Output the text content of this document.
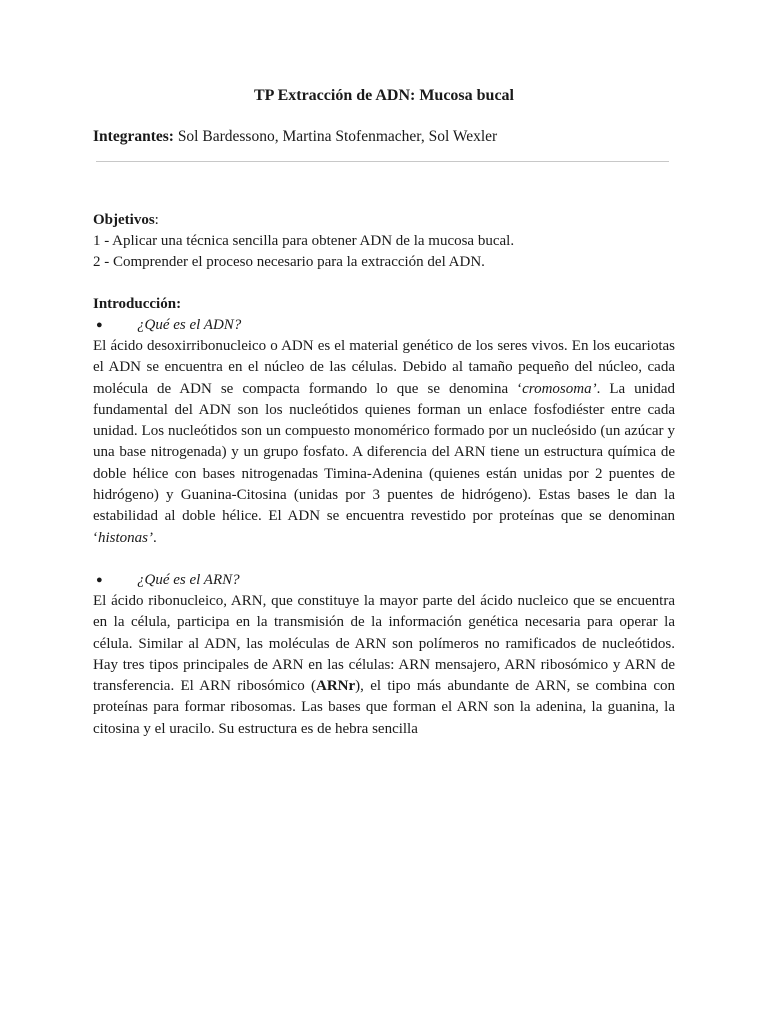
TP Extracción de ADN: Mucosa bucal

Integrantes: Sol Bardessono, Martina Stofenmacher, Sol Wexler

Objetivos:
1 - Aplicar una técnica sencilla para obtener ADN de la mucosa bucal.
2 - Comprender el proceso necesario para la extracción del ADN.
Introducción:
● ¿Qué es el ADN?

El ácido desoxirribonucleico o ADN es el material genético de los seres vivos. En los eucariotas el ADN se encuentra en el núcleo de las células. Debido al tamaño pequeño del núcleo, cada molécula de ADN se compacta formando lo que se denomina ‘cromosoma’. La unidad fundamental del ADN son los nucleótidos quienes forman un enlace fosfodiéster entre cada unidad. Los nucleótidos son un compuesto monomérico formado por un nucleósido (un azúcar y una base nitrogenada) y un grupo fosfato. A diferencia del ARN tiene un estructura química de doble hélice con bases nitrogenadas Timina-Adenina (quienes están unidas por 2 puentes de hidrógeno) y Guanina-Citosina (unidas por 3 puentes de hidrógeno). Estas bases le dan la estabilidad al doble hélice. El ADN se encuentra revestido por proteínas que se denominan ‘histonas’.

● ¿Qué es el ARN?

El ácido ribonucleico, ARN, que constituye la mayor parte del ácido nucleico que se encuentra en la célula, participa en la transmisión de la información genética necesaria para operar la célula. Similar al ADN, las moléculas de ARN son polímeros no ramificados de nucleótidos. Hay tres tipos principales de ARN en las células: ARN mensajero, ARN ribosómico y ARN de transferencia. El ARN ribosómico (ARNr), el tipo más abundante de ARN, se combina con proteínas para formar ribosomas. Las bases que forman el ARN son la adenina, la guanina, la citosina y el uracilo. Su estructura es de hebra sencilla
